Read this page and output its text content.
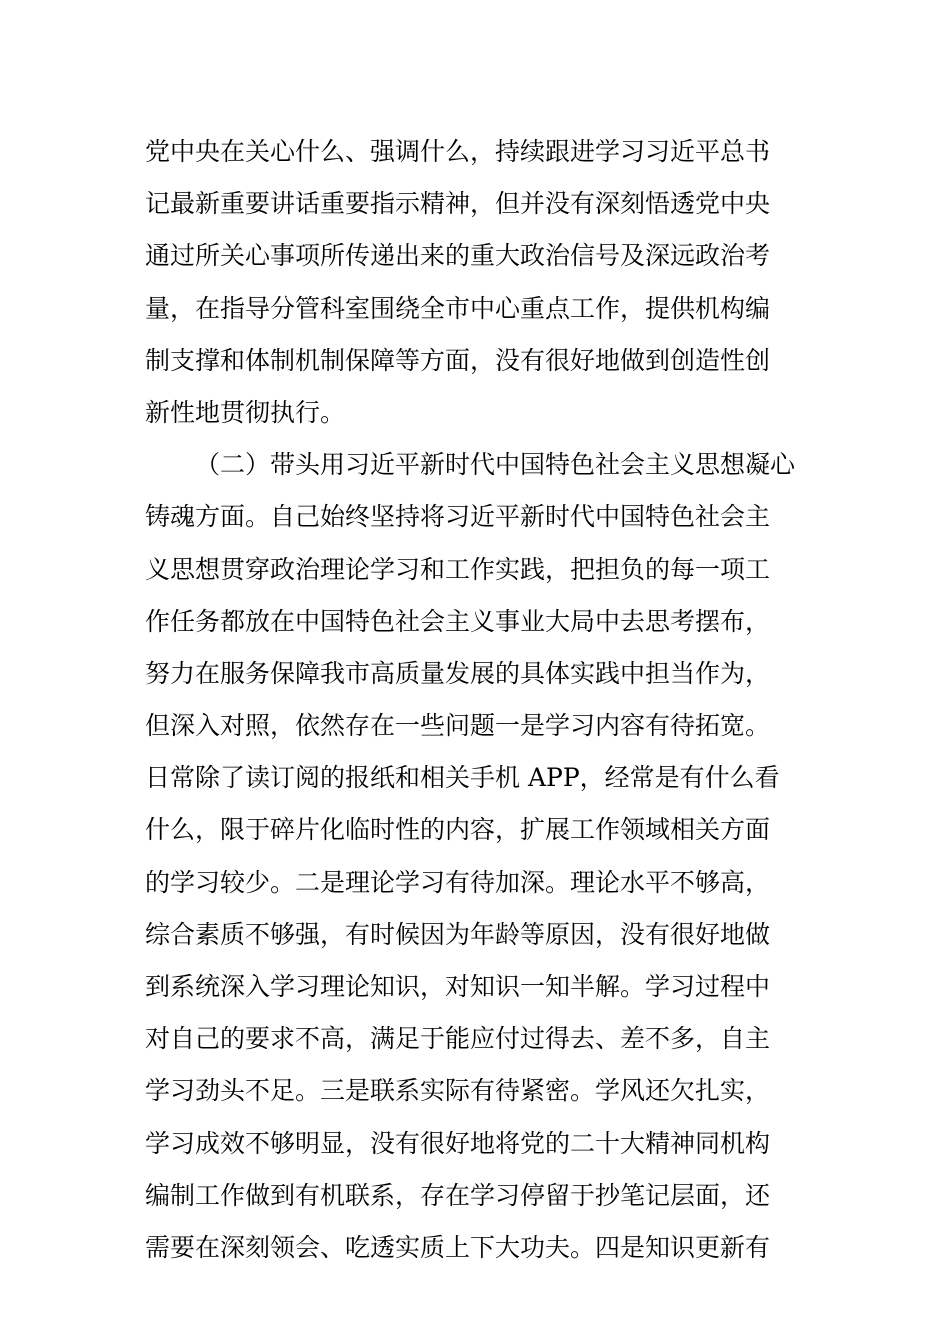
党中央在关心什么、强调什么，持续跟进学习习近平总书
记最新重要讲话重要指示精神，但并没有深刻悟透党中央
通过所关心事项所传递出来的重大政治信号及深远政治考
量，在指导分管科室围绕全市中心重点工作，提供机构编
制支撑和体制机制保障等方面，没有很好地做到创造性创
新性地贯彻执行。
（二）带头用习近平新时代中国特色社会主义思想凝心
铸魂方面。自己始终坚持将习近平新时代中国特色社会主
义思想贯穿政治理论学习和工作实践，把担负的每一项工
作任务都放在中国特色社会主义事业大局中去思考摆布，
努力在服务保障我市高质量发展的具体实践中担当作为，
但深入对照，依然存在一些问题一是学习内容有待拓宽。
日常除了读订阅的报纸和相关手机 APP，经常是有什么看
什么，限于碎片化临时性的内容，扩展工作领域相关方面
的学习较少。二是理论学习有待加深。理论水平不够高，
综合素质不够强，有时候因为年龄等原因，没有很好地做
到系统深入学习理论知识，对知识一知半解。学习过程中
对自己的要求不高，满足于能应付过得去、差不多，自主
学习劲头不足。三是联系实际有待紧密。学风还欠扎实，
学习成效不够明显，没有很好地将党的二十大精神同机构
编制工作做到有机联系，存在学习停留于抄笔记层面，还
需要在深刻领会、吃透实质上下大功夫。四是知识更新有
